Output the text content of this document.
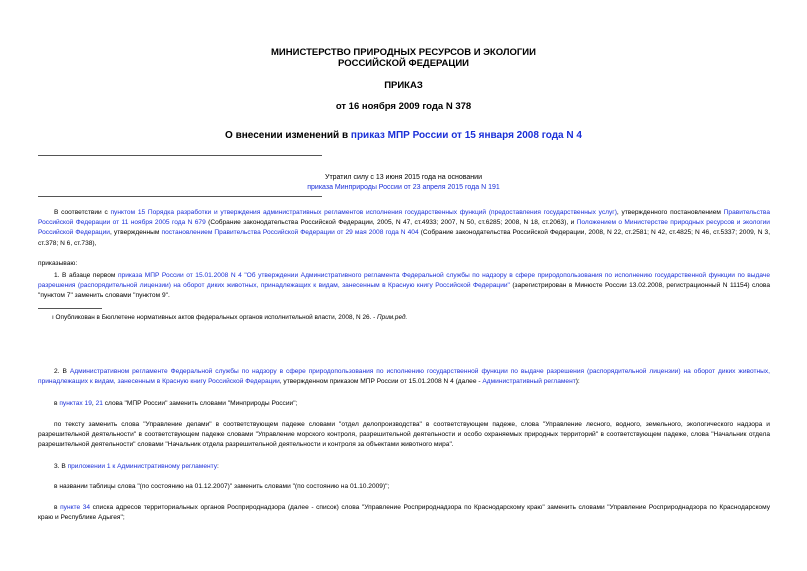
МИНИСТЕРСТВО ПРИРОДНЫХ РЕСУРСОВ И ЭКОЛОГИИ
РОССИЙСКОЙ ФЕДЕРАЦИИ
ПРИКАЗ
от 16 ноября 2009 года N 378
О внесении изменений в приказ МПР России от 15 января 2008 года N 4
Утратил силу с 13 июня 2015 года на основании
приказа Минприроды России от 23 апреля 2015 года N 191
В соответствии с пунктом 15 Порядка разработки и утверждения административных регламентов исполнения государственных функций (предоставления государственных услуг), утвержденного постановлением Правительства Российской Федерации от 11 ноября 2005 года N 679 (Собрание законодательства Российской Федерации, 2005, N 47, ст.4933; 2007, N 50, ст.6285; 2008, N 18, ст.2063), и Положением о Министерстве природных ресурсов и экологии Российской Федерации, утвержденным постановлением Правительства Российской Федерации от 29 мая 2008 года N 404 (Собрание законодательства Российской Федерации, 2008, N 22, ст.2581; N 42, ст.4825; N 46, ст.5337; 2009, N 3, ст.378; N 6, ст.738),
приказываю:
1. В абзаце первом приказа МПР России от 15.01.2008 N 4 "Об утверждении Административного регламента Федеральной службы по надзору в сфере природопользования по исполнению государственной функции по выдаче разрешения (распорядительной лицензии) на оборот диких животных, принадлежащих к видам, занесенным в Красную книгу Российской Федерации" (зарегистрирован в Минюсте России 13.02.2008, регистрационный N 11154) слова "пунктом 7" заменить словами "пунктом 9".
ı Опубликован в Бюллетене нормативных актов федеральных органов исполнительной власти, 2008, N 26. - Прим.ред.
2. В Административном регламенте Федеральной службы по надзору в сфере природопользования по исполнению государственной функции по выдаче разрешения (распорядительной лицензии) на оборот диких животных, принадлежащих к видам, занесенным в Красную книгу Российской Федерации, утвержденном приказом МПР России от 15.01.2008 N 4 (далее - Административный регламент):
в пунктах 19, 21 слова "МПР России" заменить словами "Минприроды России";
по тексту заменить слова "Управление делами" в соответствующем падеже словами "отдел делопроизводства" в соответствующем падеже, слова "Управление лесного, водного, земельного, экологического надзора и разрешительной деятельности" в соответствующем падеже словами "Управление морского контроля, разрешительной деятельности и особо охраняемых природных территорий" в соответствующем падеже, слова "Начальник отдела разрешительной деятельности" словами "Начальник отдела разрешительной деятельности и контроля за объектами животного мира".
3. В приложении 1 к Административному регламенту:
в названии таблицы слова "(по состоянию на 01.12.2007)" заменить словами "(по состоянию на 01.10.2009)";
в пункте 34 списка адресов территориальных органов Росприроднадзора (далее - список) слова "Управление Росприроднадзора по Краснодарскому краю" заменить словами "Управление Росприроднадзора по Краснодарскому краю и Республике Адыгея";
